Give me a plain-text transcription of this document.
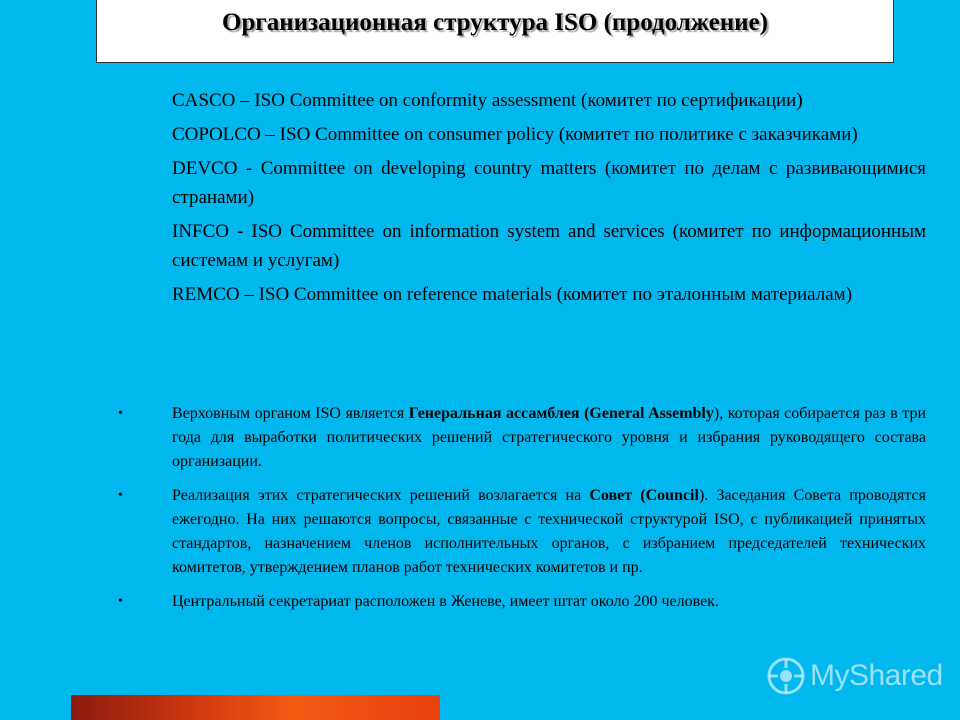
Организационная структура ISO (продолжение)

CASCO – ISO Committee on conformity assessment (комитет по сертификации)

COPOLCO – ISO Committee on consumer policy (комитет по политике с заказчиками)

DEVCO - Committee on developing country matters (комитет по делам с развивающимися странами)

INFCO - ISO Committee on information system and services (комитет по информационным системам и услугам)

REMCO – ISO Committee on reference materials (комитет по эталонным материалам)

•	Верховным органом ISO является Генеральная ассамблея (General Assembly), которая собирается раз в три года для выработки политических решений стратегического уровня и избрания руководящего состава организации.
•	Реализация этих стратегических решений возлагается на Совет (Council). Заседания Совета проводятся ежегодно. На них решаются вопросы, связанные с технической структурой ISO, с публикацией принятых стандартов, назначением членов исполнительных органов, с избранием председателей технических комитетов, утверждением планов работ технических комитетов и пр.
•	Центральный секретариат расположен в Женеве, имеет штат около 200 человек.
MyShared
